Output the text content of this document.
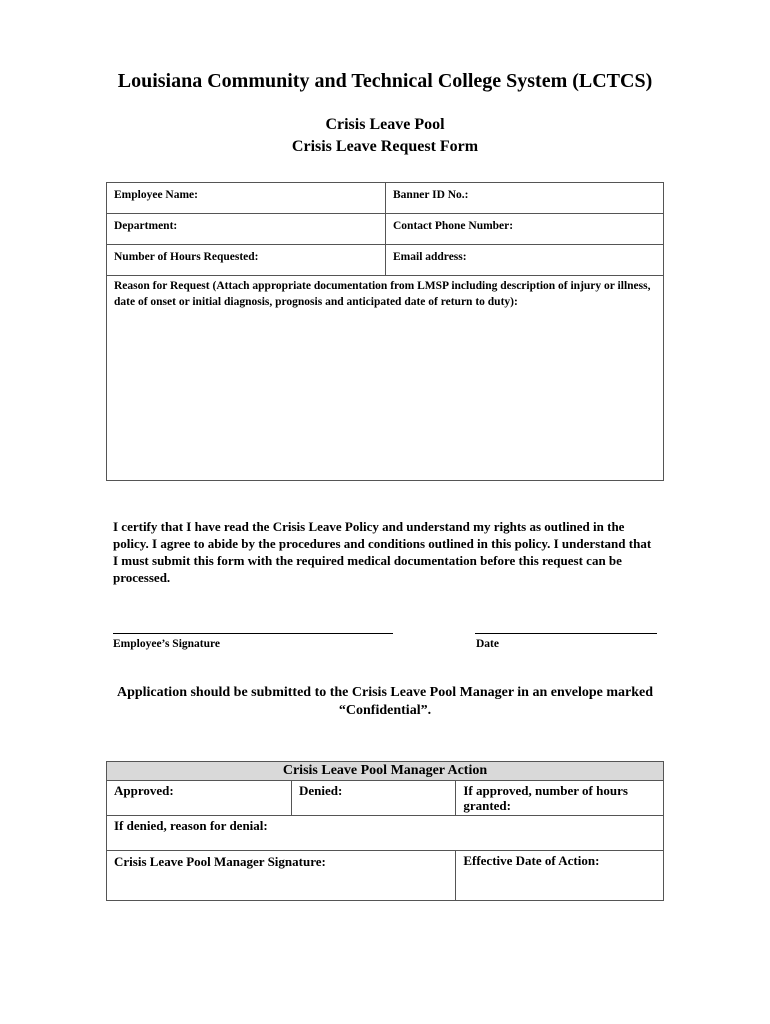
Louisiana Community and Technical College System (LCTCS)
Crisis Leave Pool
Crisis Leave Request Form
Employee Name:	Banner ID No.:
Department:	Contact Phone Number:
Number of Hours Requested:	Email address:
Reason for Request (Attach appropriate documentation from LMSP including description of injury or illness, date of onset or initial diagnosis, prognosis and anticipated date of return to duty):	
I certify that I have read the Crisis Leave Policy and understand my rights as outlined in the policy. I agree to abide by the procedures and conditions outlined in this policy. I understand that I must submit this form with the required medical documentation before this request can be processed.
Employee’s Signature	Date
Application should be submitted to the Crisis Leave Pool Manager in an envelope marked “Confidential”.
Crisis Leave Pool Manager Action		
Approved:	Denied:	If approved, number of hours granted:
If denied, reason for denial:		
Crisis Leave Pool Manager Signature:		Effective Date of Action:
